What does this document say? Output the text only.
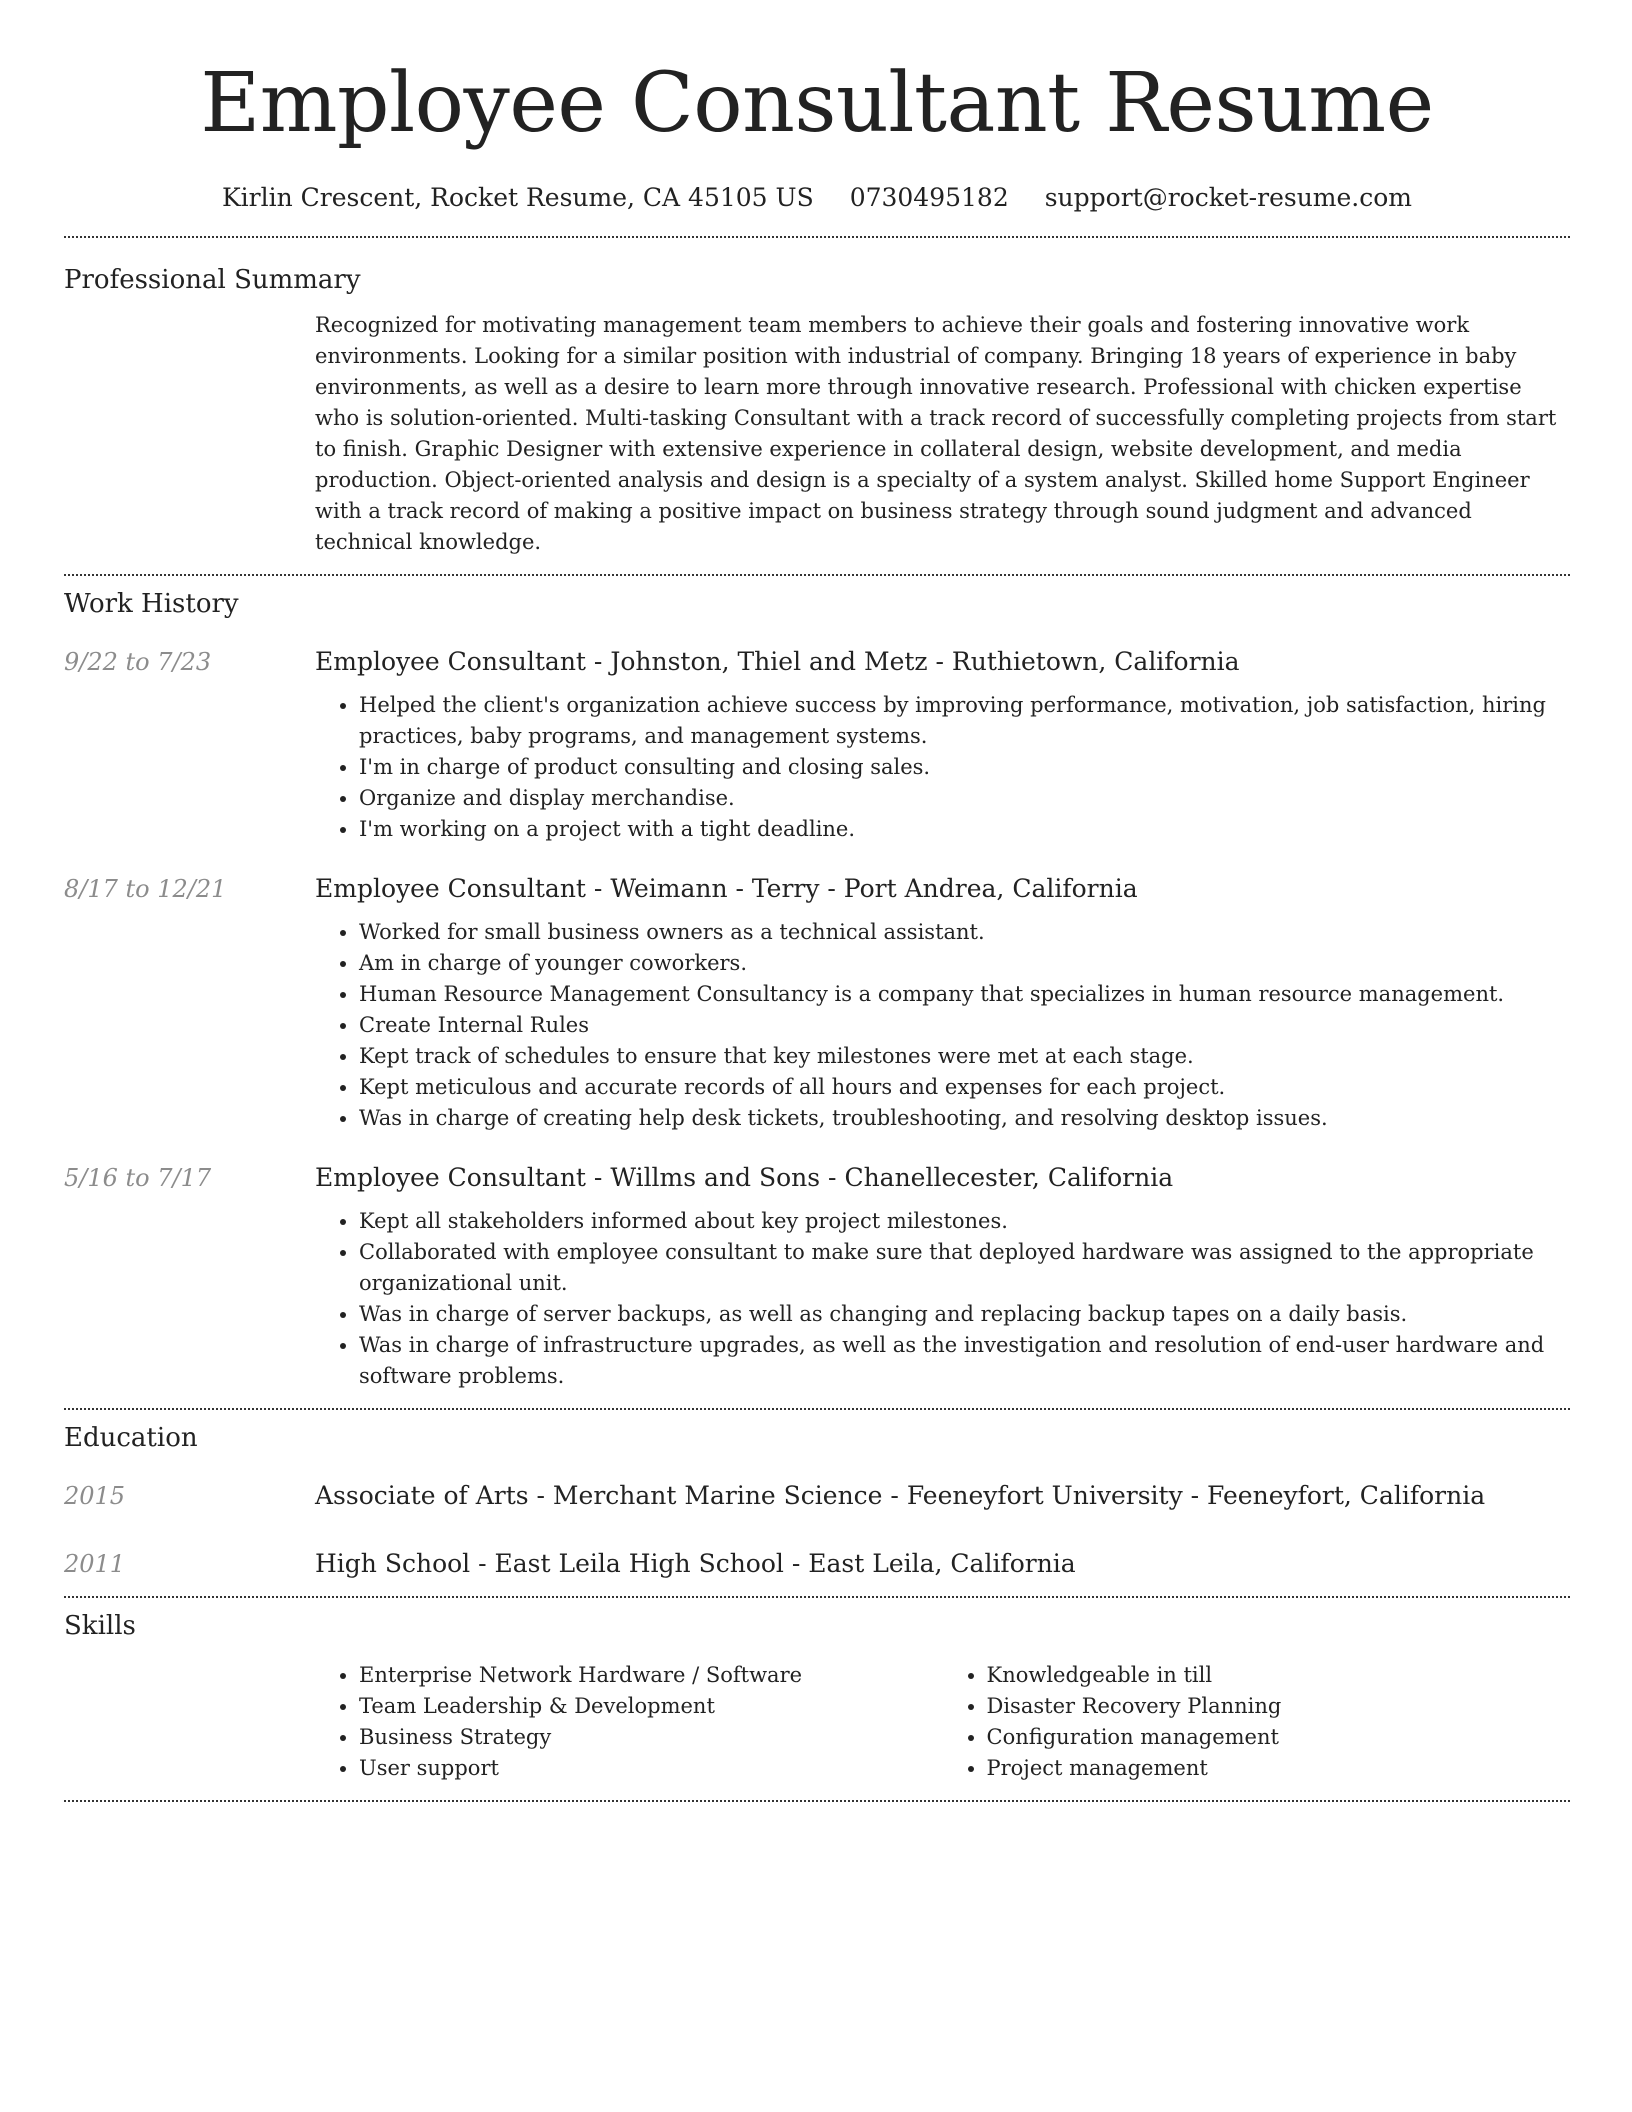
Employee Consultant Resume
Kirlin Crescent, Rocket Resume, CA 45105 US 0730495182 support@rocket-resume.com
Professional Summary

Recognized for motivating management team members to achieve their goals and fostering innovative work environments. Looking for a similar position with industrial of company. Bringing 18 years of experience in baby environments, as well as a desire to learn more through innovative research. Professional with chicken expertise who is solution-oriented. Multi-tasking Consultant with a track record of successfully completing projects from start to finish. Graphic Designer with extensive experience in collateral design, website development, and media production. Object-oriented analysis and design is a specialty of a system analyst. Skilled home Support Engineer with a track record of making a positive impact on business strategy through sound judgment and advanced technical knowledge.

Work History
9/22 to 7/23	Employee Consultant - Johnston, Thiel and Metz - Ruthietown, California
• Helped the client's organization achieve success by improving performance, motivation, job satisfaction, hiring practices, baby programs, and management systems.
• I'm in charge of product consulting and closing sales.
• Organize and display merchandise.
• I'm working on a project with a tight deadline.
8/17 to 12/21	Employee Consultant - Weimann - Terry - Port Andrea, California
• Worked for small business owners as a technical assistant.
• Am in charge of younger coworkers.
• Human Resource Management Consultancy is a company that specializes in human resource management.
• Create Internal Rules
• Kept track of schedules to ensure that key milestones were met at each stage.
• Kept meticulous and accurate records of all hours and expenses for each project.
• Was in charge of creating help desk tickets, troubleshooting, and resolving desktop issues.
5/16 to 7/17	Employee Consultant - Willms and Sons - Chanellecester, California
• Kept all stakeholders informed about key project milestones.
• Collaborated with employee consultant to make sure that deployed hardware was assigned to the appropriate organizational unit.
• Was in charge of server backups, as well as changing and replacing backup tapes on a daily basis.
• Was in charge of infrastructure upgrades, as well as the investigation and resolution of end-user hardware and software problems.
Education
2015	Associate of Arts - Merchant Marine Science - Feeneyfort University - Feeneyfort, California
2011	High School - East Leila High School - East Leila, California
Skills
• Enterprise Network Hardware / Software
• Team Leadership & Development
• Business Strategy
• User support
• Knowledgeable in till
• Disaster Recovery Planning
• Configuration management
• Project management
